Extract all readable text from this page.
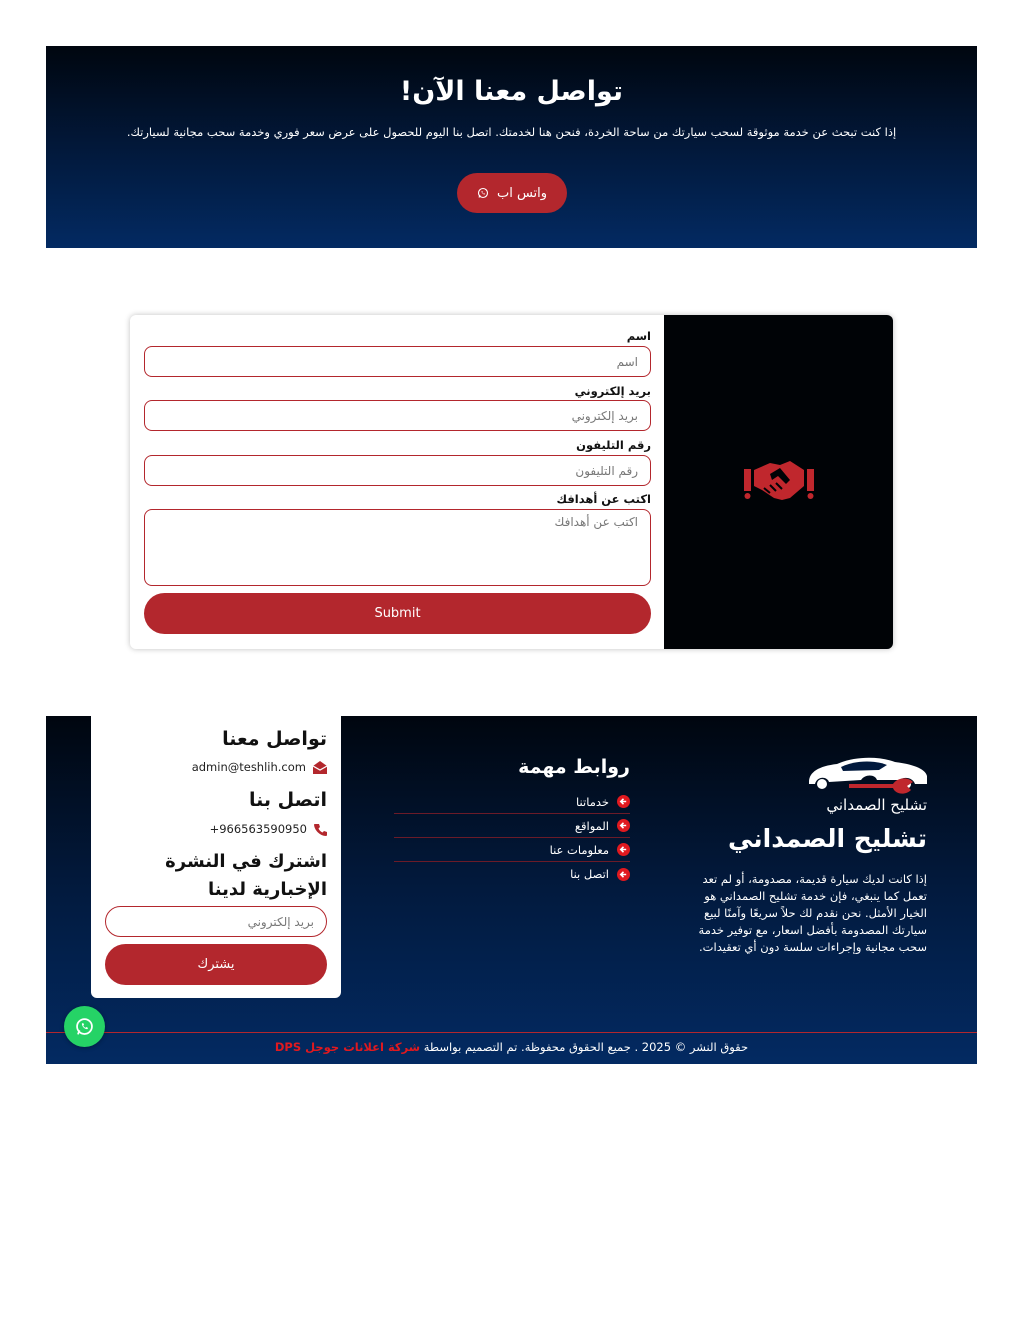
تواصل معنا الآن!

إذا كنت تبحث عن خدمة موثوقة لسحب سيارتك من ساحة الخردة، فنحن هنا لخدمتك. اتصل بنا اليوم للحصول على عرض سعر فوري وخدمة سحب مجانية لسيارتك.

واتس اب
اسم
اسم
بريد إلكتروني
بريد إلكتروني
رقم التليفون
رقم التليفون
اكتب عن أهدافك
اكتب عن أهدافك
Submit
تشليح الصمداني
تشليح الصمداني

إذا كانت لديك سيارة قديمة، مصدومة، أو لم تعد تعمل كما ينبغي، فإن خدمة تشليح الصمداني هو الخيار الأمثل. نحن نقدم لك حلاً سريعًا وآمنًا لبيع سيارتك المصدومة بأفضل اسعار، مع توفير خدمة سحب مجانية وإجراءات سلسة دون أي تعقيدات.

روابط مهمة
خدماتنا
المواقع
معلومات عنا
اتصل بنا
تواصل معنا
admin@teshlih.com
اتصل بنا
+966563590950
اشترك في النشرة الإخبارية لدينا
بريد إلكتروني
يشترك
حقوق النشر © 2025 . جميع الحقوق محفوظة. تم التصميم بواسطة شركة اعلانات جوجل DPS
